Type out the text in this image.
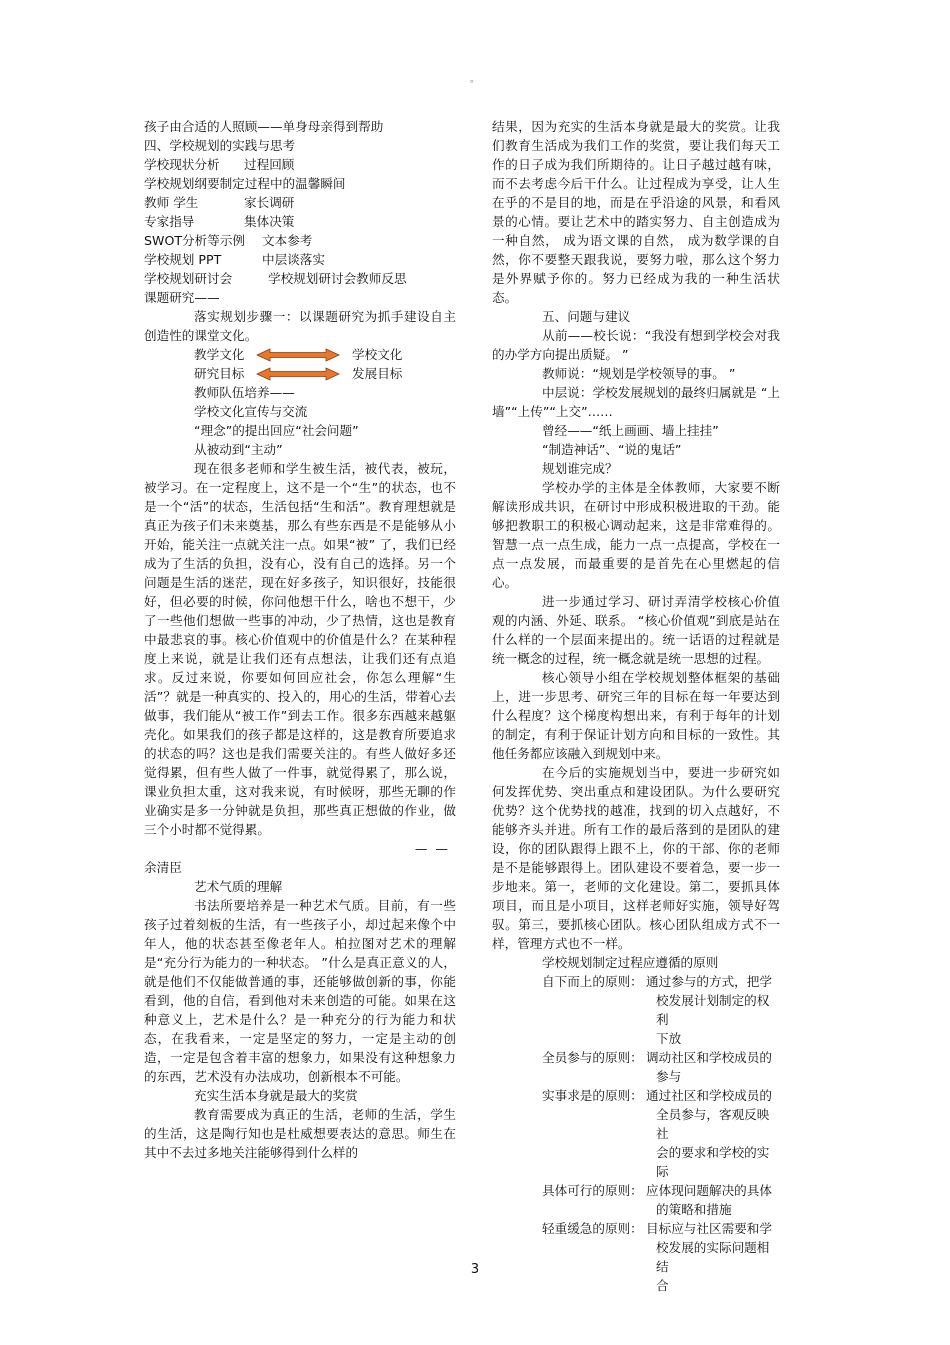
。

孩子由合适的人照顾——单身母亲得到帮助

四、学校规划的实践与思考

学校现状分析 过程回顾

学校规划纲要制定过程中的温馨瞬间

教师 学生	家长调研

专家指导	集体决策

SWOT分析等示例 文本参考

学校规划 PPT	中层谈落实

学校规划研讨会	学校规划研讨会教师反思

课题研究——

落实规划步骤一：以课题研究为抓手建设自主创造性的课堂文化。

教学文化	学校文化
研究目标	发展目标

教师队伍培养——

学校文化宣传与交流

“理念”的提出回应“社会问题”

从被动到“主动”

现在很多老师和学生被生活，被代表，被玩，被学习。在一定程度上，这不是一个“生”的状态，也不是一个“活”的状态，生活包括“生和活”。教育理想就是真正为孩子们未来奠基，那么有些东西是不是能够从小开始，能关注一点就关注一点。如果“被” 了，我们已经成为了生活的负担，没有心，没有自己的选择。另一个问题是生活的迷茫，现在好多孩子，知识很好，技能很好，但必要的时候，你问他想干什么，啥也不想干，少了一些他们想做一些事的冲动，少了热情，这也是教育中最悲哀的事。核心价值观中的价值是什么？在某种程度上来说，就是让我们还有点想法，让我们还有点追求。反过来说，你要如何回应社会，你怎么理解“生活”？就是一种真实的、投入的，用心的生活，带着心去做事，我们能从“被工作”到去工作。很多东西越来越躯壳化。如果我们的孩子都是这样的，这是教育所要追求的状态的吗？这也是我们需要关注的。有些人做好多还觉得累，但有些人做了一件事，就觉得累了，那么说，课业负担太重，这对我来说，有时候呀，那些无聊的作业确实是多一分钟就是负担，那些真正想做的作业，做三个小时都不觉得累。

——

余清臣

艺术气质的理解

书法所要培养是一种艺术气质。目前，有一些孩子过着刻板的生活，有一些孩子小，却过起来像个中年人，他的状态甚至像老年人。柏拉图对艺术的理解是“充分行为能力的一种状态。 ”什么是真正意义的人，就是他们不仅能做普通的事，还能够做创新的事，你能看到，他的自信，看到他对未来创造的可能。如果在这种意义上，艺术是什么？是一种充分的行为能力和状态，在我看来，一定是坚定的努力，一定是主动的创造，一定是包含着丰富的想象力，如果没有这种想象力的东西，艺术没有办法成功，创新根本不可能。

充实生活本身就是最大的奖赏

教育需要成为真正的生活，老师的生活，学生的生活，这是陶行知也是杜威想要表达的意思。师生在其中不去过多地关注能够得到什么样的

结果，因为充实的生活本身就是最大的奖赏。让我们教育生活成为我们工作的奖赏，要让我们每天工作的日子成为我们所期待的。让日子越过越有味，而不去考虑今后干什么。让过程成为享受，让人生在乎的不是目的地，而是在乎沿途的风景，和看风景的心情。要让艺术中的踏实努力、自主创造成为一种自然， 成为语文课的自然， 成为数学课的自然，你不要整天跟我说，要努力啦，那么这个努力是外界赋予你的。努力已经成为我的一种生活状态。

五、问题与建议

从前——校长说：“我没有想到学校会对我的办学方向提出质疑。 ”

教师说：“规划是学校领导的事。 ”

中层说：学校发展规划的最终归属就是 “上墙”“上传”“上交”……

曾经——“纸上画画、墙上挂挂”

“制造神话”、“说的鬼话”

规划谁完成？

学校办学的主体是全体教师，大家要不断解读形成共识，在研讨中形成积极进取的干劲。能够把教职工的积极心调动起来，这是非常难得的。智慧一点一点生成，能力一点一点提高，学校在一点一点发展，而最重要的是首先在心里燃起的信心。

进一步通过学习、研讨弄清学校核心价值观的内涵、外延、联系。 “核心价值观”到底是站在什么样的一个层面来提出的。统一话语的过程就是统一概念的过程，统一概念就是统一思想的过程。

核心领导小组在学校规划整体框架的基础上，进一步思考、研究三年的目标在每一年要达到什么程度？这个梯度构想出来，有利于每年的计划的制定，有利于保证计划方向和目标的一致性。其他任务都应该融入到规划中来。

在今后的实施规划当中，要进一步研究如何发挥优势、突出重点和建设团队。为什么要研究优势？这个优势找的越准，找到的切入点越好，不能够齐头并进。所有工作的最后落到的是团队的建设，你的团队跟得上跟不上，你的干部、你的老师是不是能够跟得上。团队建设不要着急，要一步一步地来。第一，老师的文化建设。第二，要抓具体项目，而且是小项目，这样老师好实施，领导好驾驭。第三，要抓核心团队。核心团队组成方式不一样，管理方式也不一样。

学校规划制定过程应遵循的原则

自下而上的原则： 通过参与的方式，把学
校发展计划制定的权利
下放
全员参与的原则： 调动社区和学校成员的
参与
实事求是的原则： 通过社区和学校成员的
全员参与，客观反映社
会的要求和学校的实际
具体可行的原则： 应体现问题解决的具体
的策略和措施
轻重缓急的原则： 目标应与社区需要和学
校发展的实际问题相结
合
3
